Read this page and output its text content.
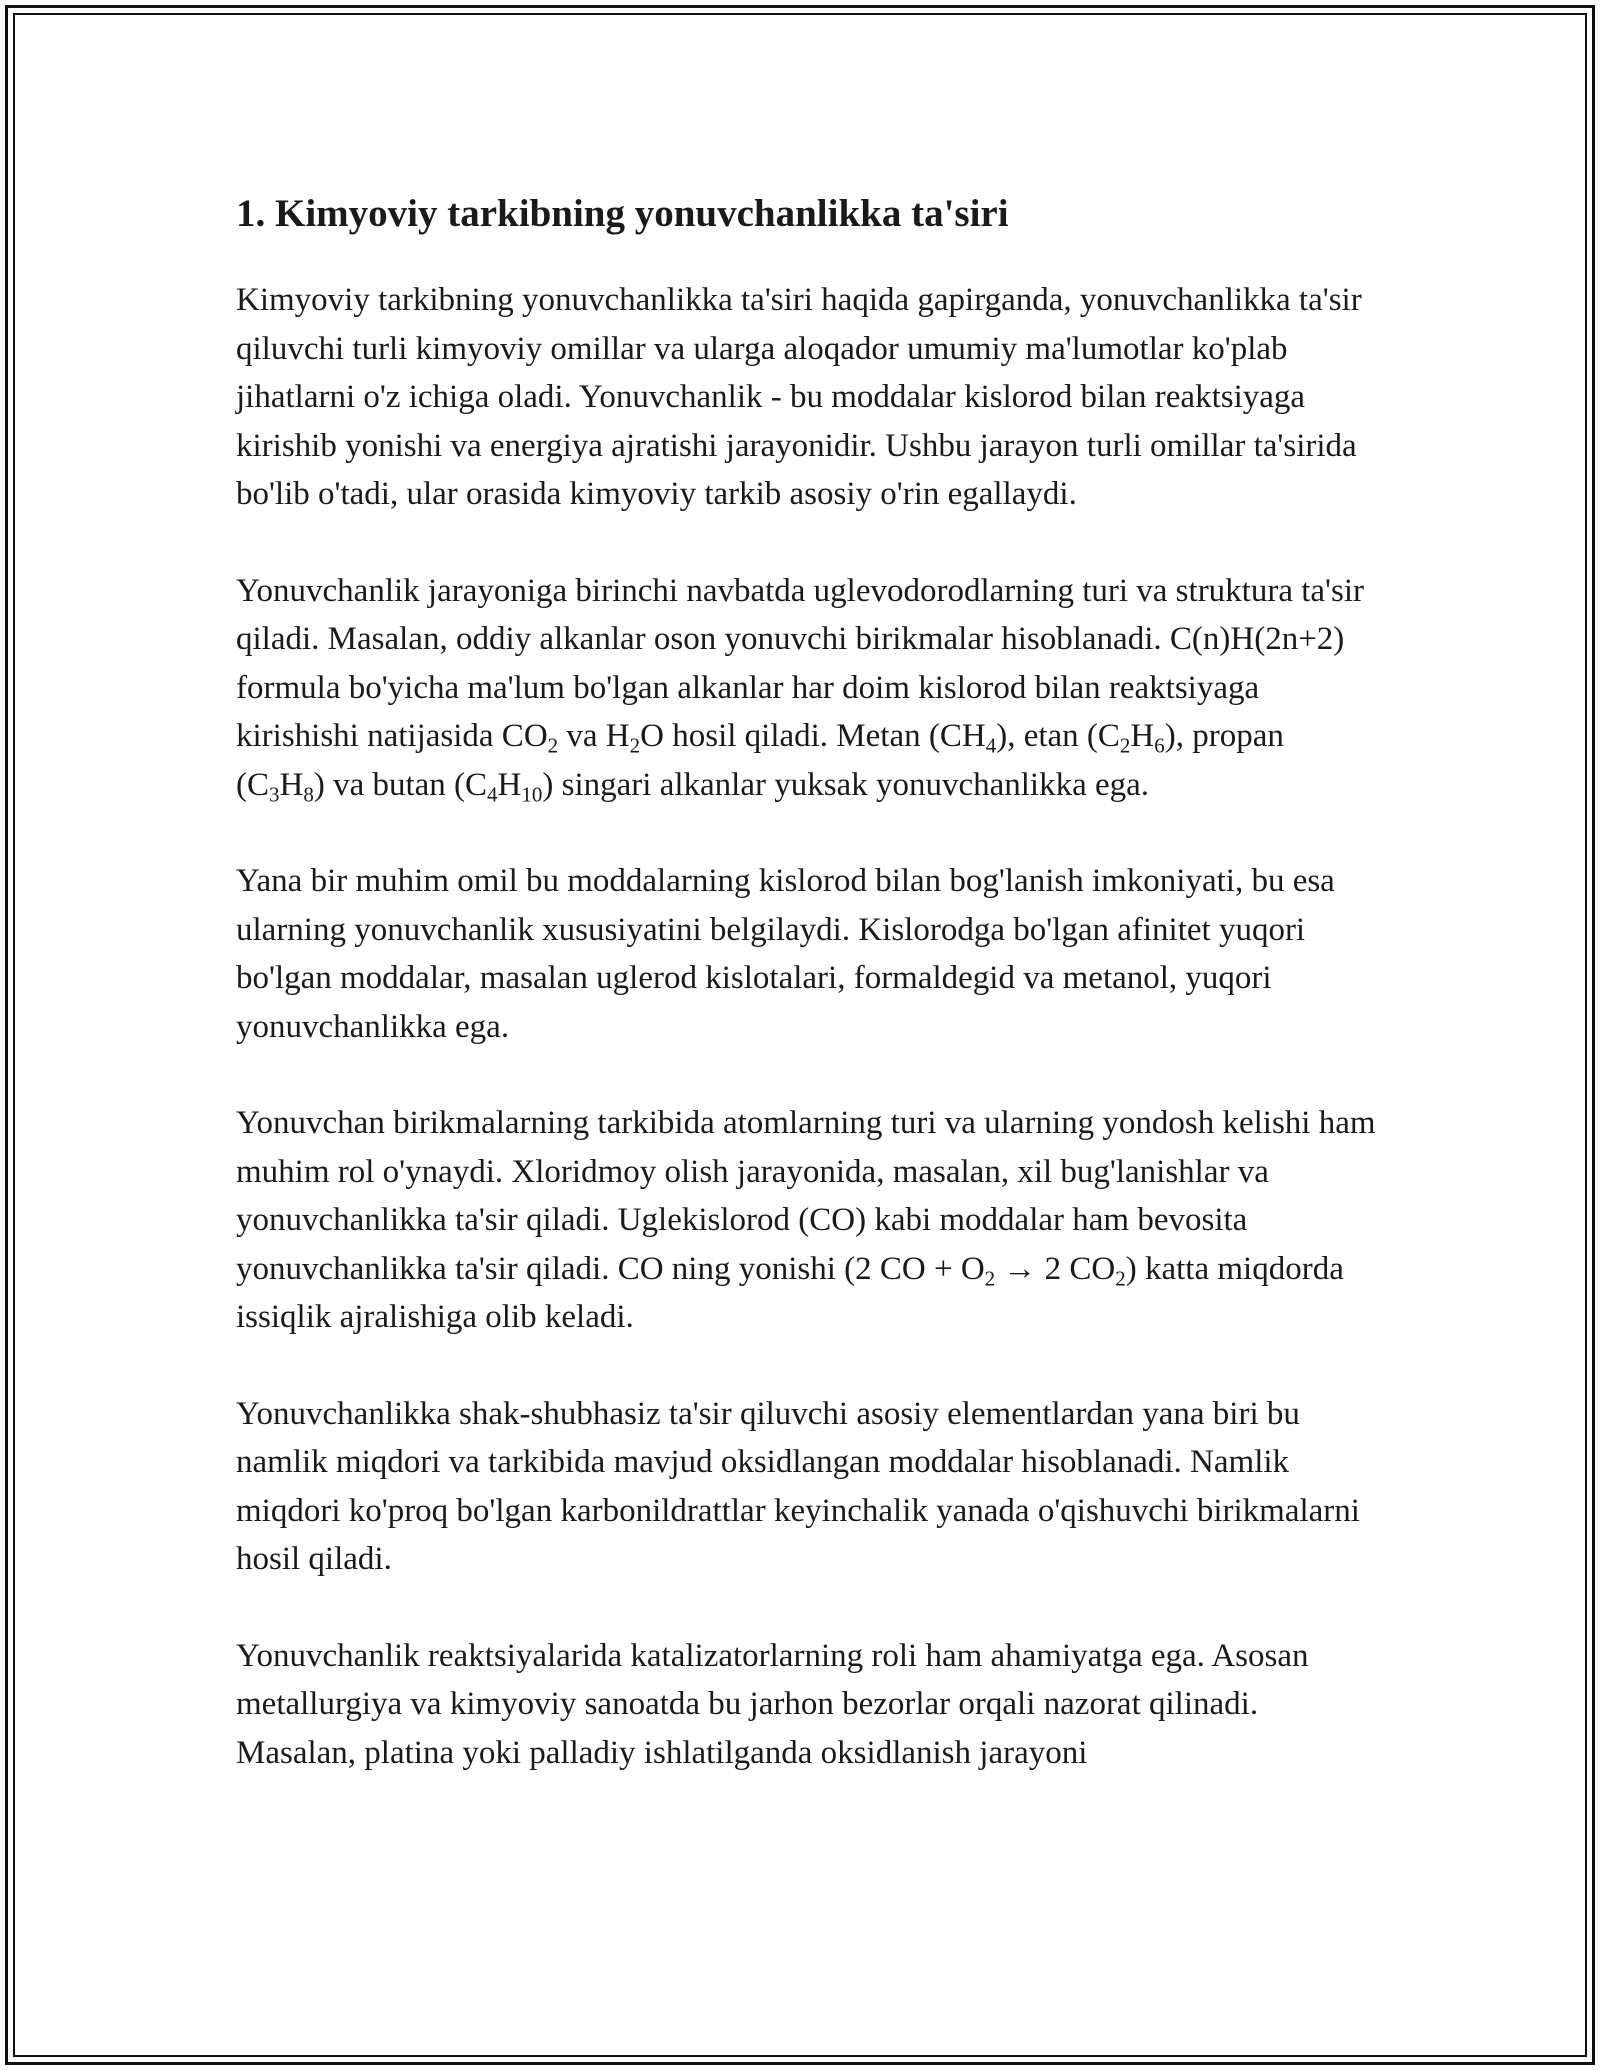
1. Kimyoviy tarkibning yonuvchanlikka ta'siri

Kimyoviy tarkibning yonuvchanlikka ta'siri haqida gapirganda, yonuvchanlikka ta'sir qiluvchi turli kimyoviy omillar va ularga aloqador umumiy ma'lumotlar ko'plab jihatlarni o'z ichiga oladi. Yonuvchanlik - bu moddalar kislorod bilan reaktsiyaga kirishib yonishi va energiya ajratishi jarayonidir. Ushbu jarayon turli omillar ta'sirida bo'lib o'tadi, ular orasida kimyoviy tarkib asosiy o'rin egallaydi.

Yonuvchanlik jarayoniga birinchi navbatda uglevodorodlarning turi va struktura ta'sir qiladi. Masalan, oddiy alkanlar oson yonuvchi birikmalar hisoblanadi. C(n)H(2n+2) formula bo'yicha ma'lum bo'lgan alkanlar har doim kislorod bilan reaktsiyaga kirishishi natijasida $CO_2$ va $H_2O$ hosil qiladi. Metan $(CH_4)$, etan $(C_2H_6)$, propan $(C_3H_8)$ va butan $(C_4H_{10})$ singari alkanlar yuksak yonuvchanlikka ega.

Yana bir muhim omil bu moddalarning kislorod bilan bog'lanish imkoniyati, bu esa ularning yonuvchanlik xususiyatini belgilaydi. Kislorodga bo'lgan afinitet yuqori bo'lgan moddalar, masalan uglerod kislotalari, formaldegid va metanol, yuqori yonuvchanlikka ega.

Yonuvchan birikmalarning tarkibida atomlarning turi va ularning yondosh kelishi ham muhim rol o'ynaydi. Xloridmoy olish jarayonida, masalan, xil bug'lanishlar va yonuvchanlikka ta'sir qiladi. Uglekislorod (CO) kabi moddalar ham bevosita yonuvchanlikka ta'sir qiladi. CO ning yonishi (2 CO + $O_2 \to 2$ $CO_2$) katta miqdorda issiqlik ajralishiga olib keladi.

Yonuvchanlikka shak-shubhasiz ta'sir qiluvchi asosiy elementlardan yana biri bu namlik miqdori va tarkibida mavjud oksidlangan moddalar hisoblanadi. Namlik miqdori ko'proq bo'lgan karbonildrattlar keyinchalik yanada o'qishuvchi birikmalarni hosil qiladi.

Yonuvchanlik reaktsiyalarida katalizatorlarning roli ham ahamiyatga ega. Asosan metallurgiya va kimyoviy sanoatda bu jarhon bezorlar orqali nazorat qilinadi. Masalan, platina yoki palladiy ishlatilganda oksidlanish jarayoni
